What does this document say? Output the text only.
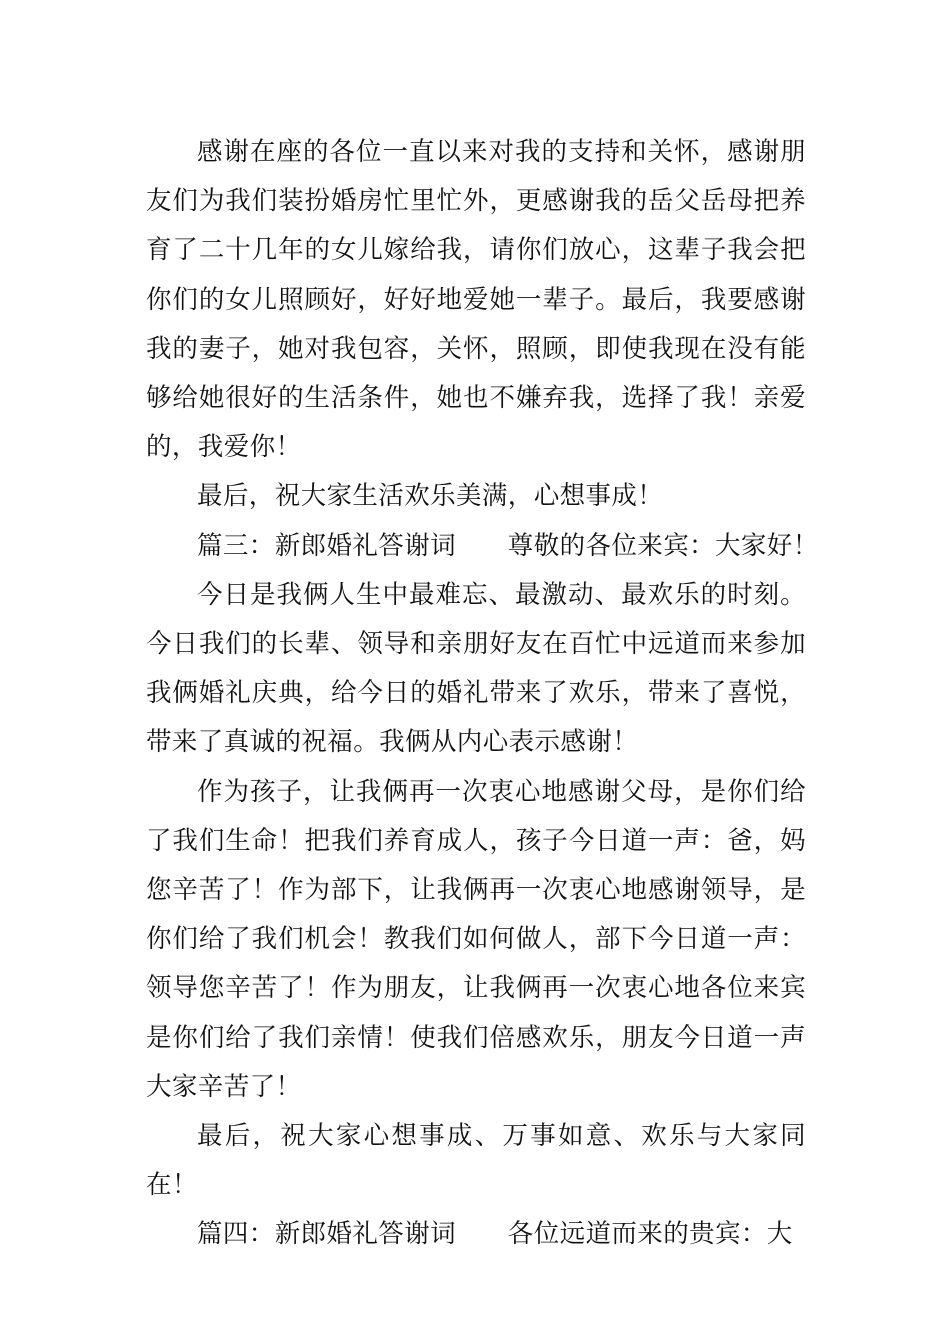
感谢在座的各位一直以来对我的支持和关怀，感谢朋友们为我们装扮婚房忙里忙外，更感谢我的岳父岳母把养育了二十几年的女儿嫁给我，请你们放心，这辈子我会把你们的女儿照顾好，好好地爱她一辈子。最后，我要感谢我的妻子，她对我包容，关怀，照顾，即使我现在没有能够给她很好的生活条件，她也不嫌弃我，选择了我！亲爱的，我爱你！

最后，祝大家生活欢乐美满，心想事成！

篇三：新郎婚礼答谢词　　尊敬的各位来宾：大家好！

今日是我俩人生中最难忘、最激动、最欢乐的时刻。今日我们的长辈、领导和亲朋好友在百忙中远道而来参加我俩婚礼庆典，给今日的婚礼带来了欢乐，带来了喜悦，带来了真诚的祝福。我俩从内心表示感谢！

作为孩子，让我俩再一次衷心地感谢父母，是你们给了我们生命！把我们养育成人，孩子今日道一声：爸，妈您辛苦了！作为部下，让我俩再一次衷心地感谢领导，是你们给了我们机会！教我们如何做人，部下今日道一声：领导您辛苦了！作为朋友，让我俩再一次衷心地各位来宾是你们给了我们亲情！使我们倍感欢乐，朋友今日道一声大家辛苦了！

最后，祝大家心想事成、万事如意、欢乐与大家同在！

篇四：新郎婚礼答谢词　　各位远道而来的贵宾：大
